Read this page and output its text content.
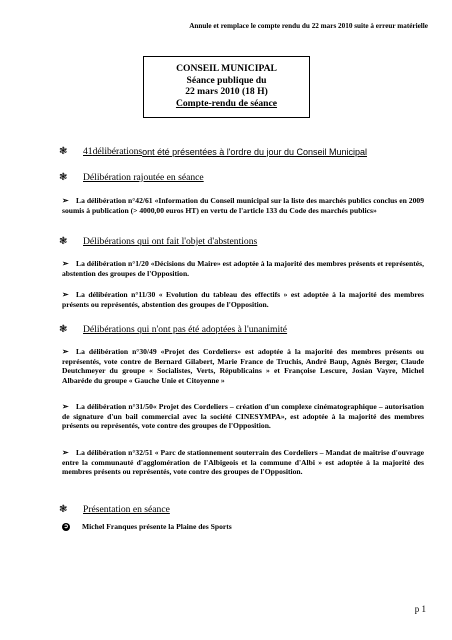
Annule et remplace le compte rendu du 22 mars 2010 suite à erreur matérielle
CONSEIL MUNICIPAL
Séance publique du
22 mars 2010 (18 H)
Compte-rendu de séance
❃	41 délibérations ont été présentées à l'ordre du jour du Conseil Municipal
❃	Délibération rajoutée en séance
➢ La délibération n°42/61 «Information du Conseil municipal sur la liste des marchés publics conclus en 2009 soumis à publication (> 4000,00 euros HT) en vertu de l'article 133 du Code des marchés publics»
❃	Délibérations qui ont fait l'objet d'abstentions
➢ La délibération n°1/20 «Décisions du Maire» est adoptée à la majorité des membres présents et représentés, abstention des groupes de l'Opposition.
➢ La délibération n°11/30 « Evolution du tableau des effectifs » est adoptée à la majorité des membres présents ou représentés, abstention des groupes de l'Opposition.
❃	Délibérations qui n'ont pas été adoptées à l'unanimité
➢ La délibération n°30/49 «Projet des Cordeliers» est adoptée à la majorité des membres présents ou représentés, vote contre de Bernard Gilabert, Marie France de Truchis, André Baup, Agnès Berger, Claude Deutchmeyer du groupe « Socialistes, Verts, Républicains » et Françoise Lescure, Josian Vayre, Michel Albaréde du groupe « Gauche Unie et Citoyenne »
➢ La délibération n°31/50« Projet des Cordeliers – création d'un complexe cinématographique – autorisation de signature d'un bail commercial avec la société CINESYMPA», est adoptée à la majorité des membres présents ou représentés, vote contre des groupes de l'Opposition.
➢ La délibération n°32/51 « Parc de stationnement souterrain des Cordeliers – Mandat de maîtrise d'ouvrage entre la communauté d'agglomération de l'Albigeois et la commune d'Albi » est adoptée à la majorité des membres présents ou représentés, vote contre des groupes de l'Opposition.
❃	Présentation en séance
➲ Michel Franques présente la Plaine des Sports
p 1
